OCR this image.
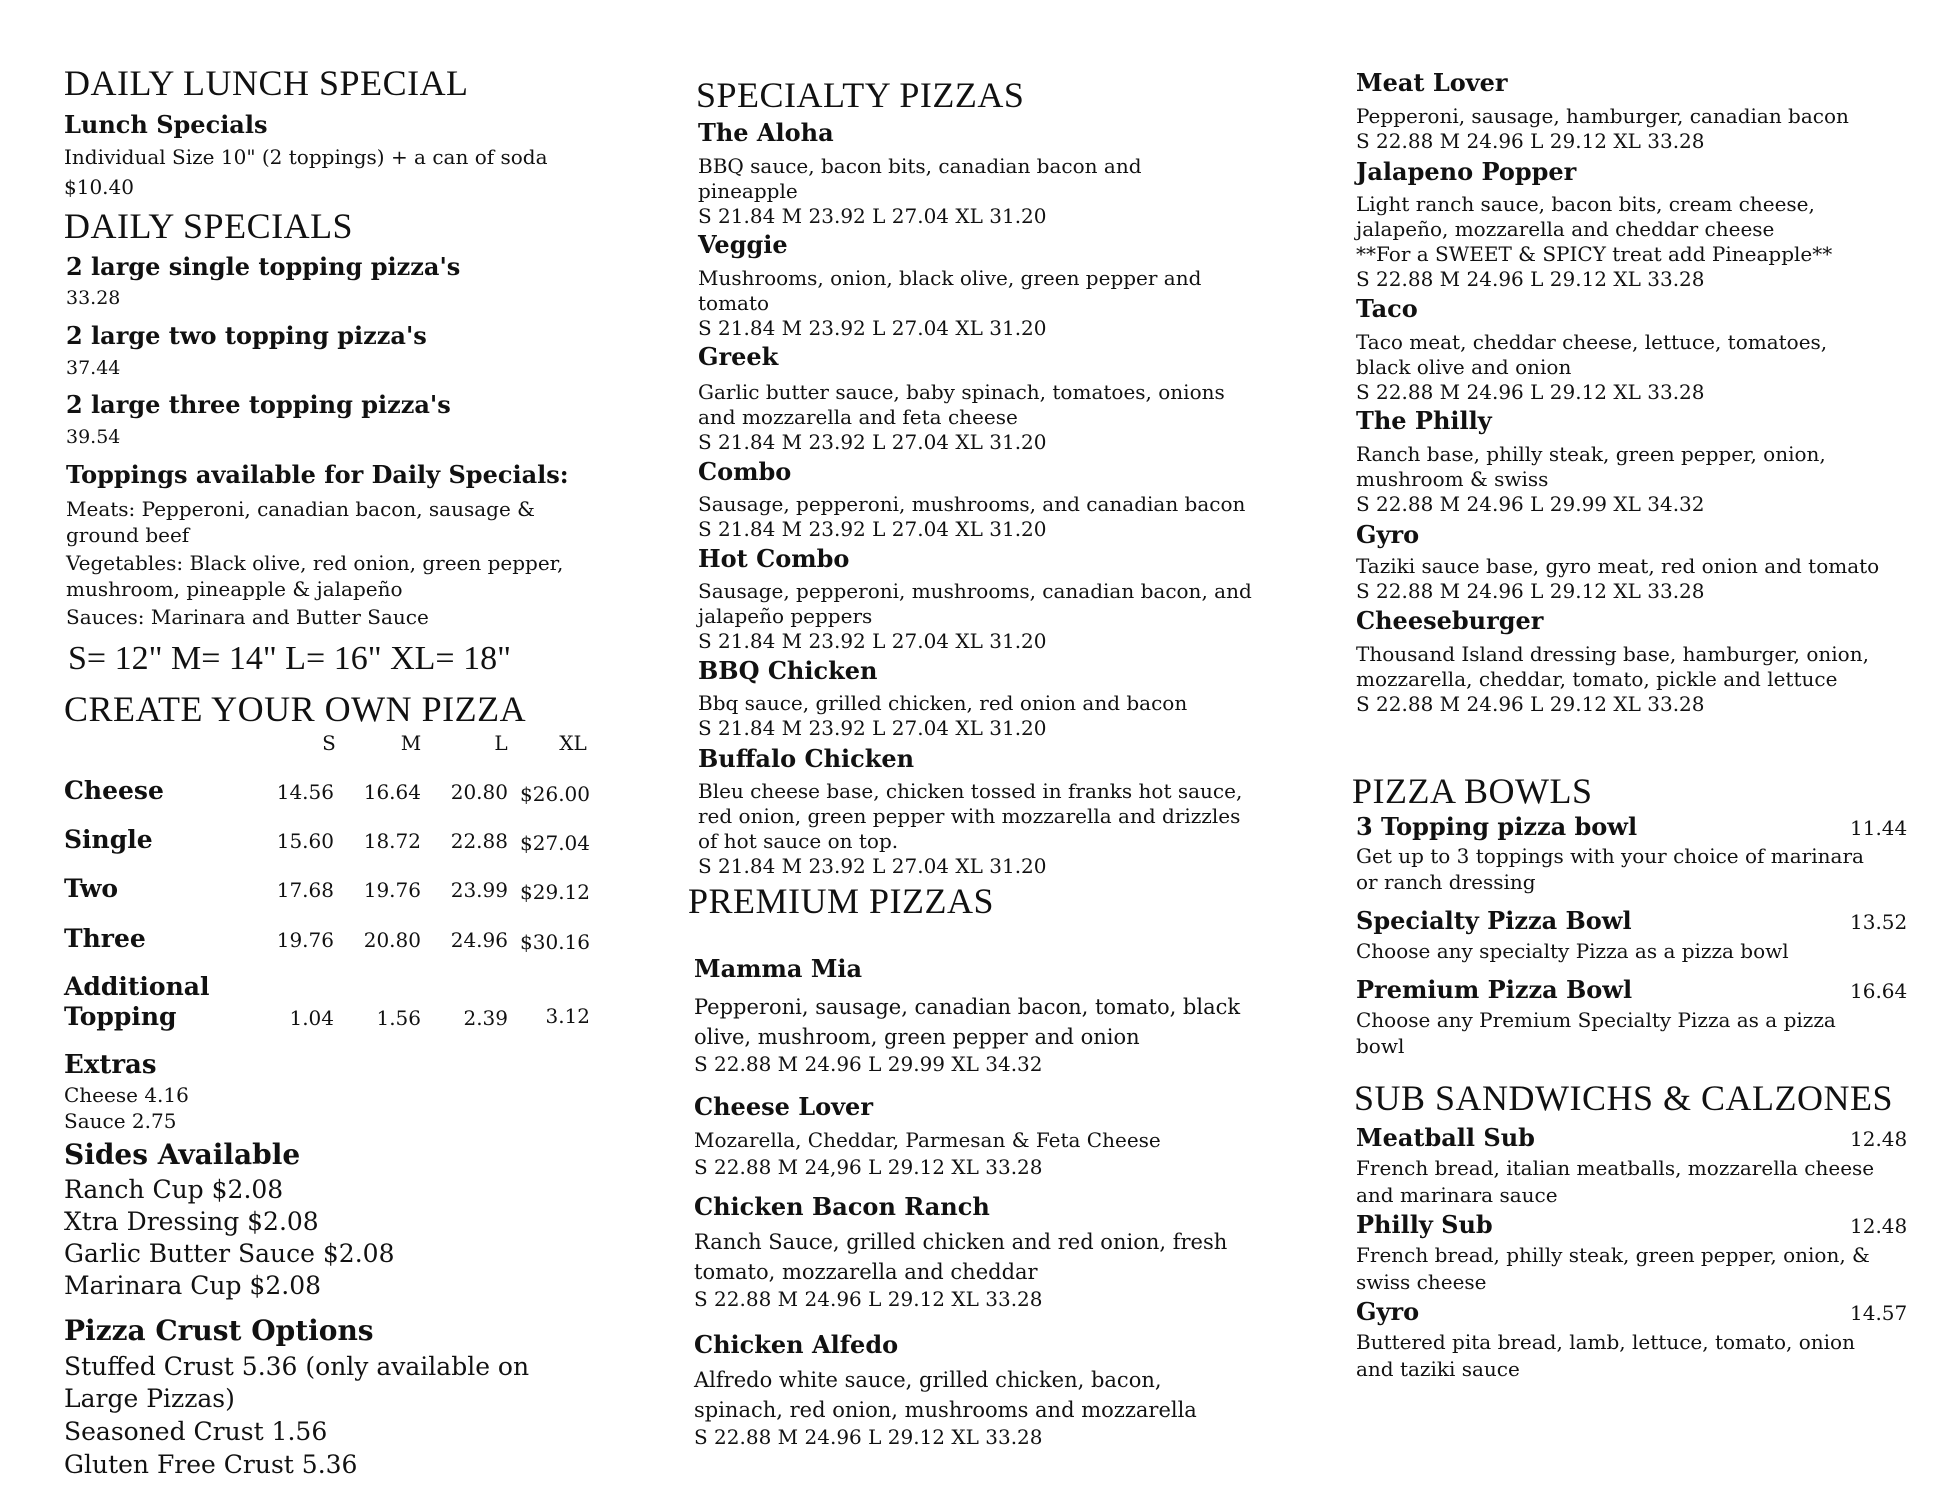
DAILY LUNCH SPECIAL
Lunch Specials
Individual Size 10" (2 toppings) + a can of soda
$10.40
DAILY SPECIALS
2 large single topping pizza's
33.28
2 large two topping pizza's
37.44
2 large three topping pizza's
39.54
Toppings available for Daily Specials:
Meats: Pepperoni, canadian bacon, sausage &
ground beef
Vegetables: Black olive, red onion, green pepper,
mushroom, pineapple & jalapeño
Sauces: Marinara and Butter Sauce
S= 12" M= 14" L= 16" XL= 18"
CREATE YOUR OWN PIZZA
S	M	L	XL
Cheese	14.56	16.64	20.80 $26.00
Single	15.60	18.72	22.88 $27.04
Two	17.68	19.76	23.99 $29.12
Three	19.76	20.80	24.96 $30.16
Additional
Topping	1.04	1.56	2.39	3.12
Extras
Cheese 4.16
Sauce 2.75
Sides Available
Ranch Cup $2.08
Xtra Dressing $2.08
Garlic Butter Sauce $2.08
Marinara Cup $2.08
Pizza Crust Options
Stuffed Crust 5.36 (only available on
Large Pizzas)
Seasoned Crust 1.56
Gluten Free Crust 5.36
SPECIALTY PIZZAS
The Aloha
BBQ sauce, bacon bits, canadian bacon and
pineapple
S 21.84 M 23.92 L 27.04 XL 31.20
Veggie
Mushrooms, onion, black olive, green pepper and
tomato
S 21.84 M 23.92 L 27.04 XL 31.20
Greek
Garlic butter sauce, baby spinach, tomatoes, onions
and mozzarella and feta cheese
S 21.84 M 23.92 L 27.04 XL 31.20
Combo
Sausage, pepperoni, mushrooms, and canadian bacon
S 21.84 M 23.92 L 27.04 XL 31.20
Hot Combo
Sausage, pepperoni, mushrooms, canadian bacon, and
jalapeño peppers
S 21.84 M 23.92 L 27.04 XL 31.20
BBQ Chicken
Bbq sauce, grilled chicken, red onion and bacon
S 21.84 M 23.92 L 27.04 XL 31.20
Buffalo Chicken
Bleu cheese base, chicken tossed in franks hot sauce,
red onion, green pepper with mozzarella and drizzles
of hot sauce on top.
S 21.84 M 23.92 L 27.04 XL 31.20
PREMIUM PIZZAS
Mamma Mia
Pepperoni, sausage, canadian bacon, tomato, black
olive, mushroom, green pepper and onion
S 22.88 M 24.96 L 29.99 XL 34.32
Cheese Lover
Mozarella, Cheddar, Parmesan & Feta Cheese
S 22.88 M 24,96 L 29.12 XL 33.28
Chicken Bacon Ranch
Ranch Sauce, grilled chicken and red onion, fresh
tomato, mozzarella and cheddar
S 22.88 M 24.96 L 29.12 XL 33.28
Chicken Alfedo
Alfredo white sauce, grilled chicken, bacon,
spinach, red onion, mushrooms and mozzarella
S 22.88 M 24.96 L 29.12 XL 33.28
Meat Lover
Pepperoni, sausage, hamburger, canadian bacon
S 22.88 M 24.96 L 29.12 XL 33.28
Jalapeno Popper
Light ranch sauce, bacon bits, cream cheese,
jalapeño, mozzarella and cheddar cheese
**For a SWEET & SPICY treat add Pineapple**
S 22.88 M 24.96 L 29.12 XL 33.28
Taco
Taco meat, cheddar cheese, lettuce, tomatoes,
black olive and onion
S 22.88 M 24.96 L 29.12 XL 33.28
The Philly
Ranch base, philly steak, green pepper, onion,
mushroom & swiss
S 22.88 M 24.96 L 29.99 XL 34.32
Gyro
Taziki sauce base, gyro meat, red onion and tomato
S 22.88 M 24.96 L 29.12 XL 33.28
Cheeseburger
Thousand Island dressing base, hamburger, onion,
mozzarella, cheddar, tomato, pickle and lettuce
S 22.88 M 24.96 L 29.12 XL 33.28
PIZZA BOWLS
3 Topping pizza bowl	11.44
Get up to 3 toppings with your choice of marinara
or ranch dressing
Specialty Pizza Bowl	13.52
Choose any specialty Pizza as a pizza bowl
Premium Pizza Bowl	16.64
Choose any Premium Specialty Pizza as a pizza
bowl
SUB SANDWICHS & CALZONES
Meatball Sub	12.48
French bread, italian meatballs, mozzarella cheese
and marinara sauce
Philly Sub	12.48
French bread, philly steak, green pepper, onion, &
swiss cheese
Gyro	14.57
Buttered pita bread, lamb, lettuce, tomato, onion
and taziki sauce
